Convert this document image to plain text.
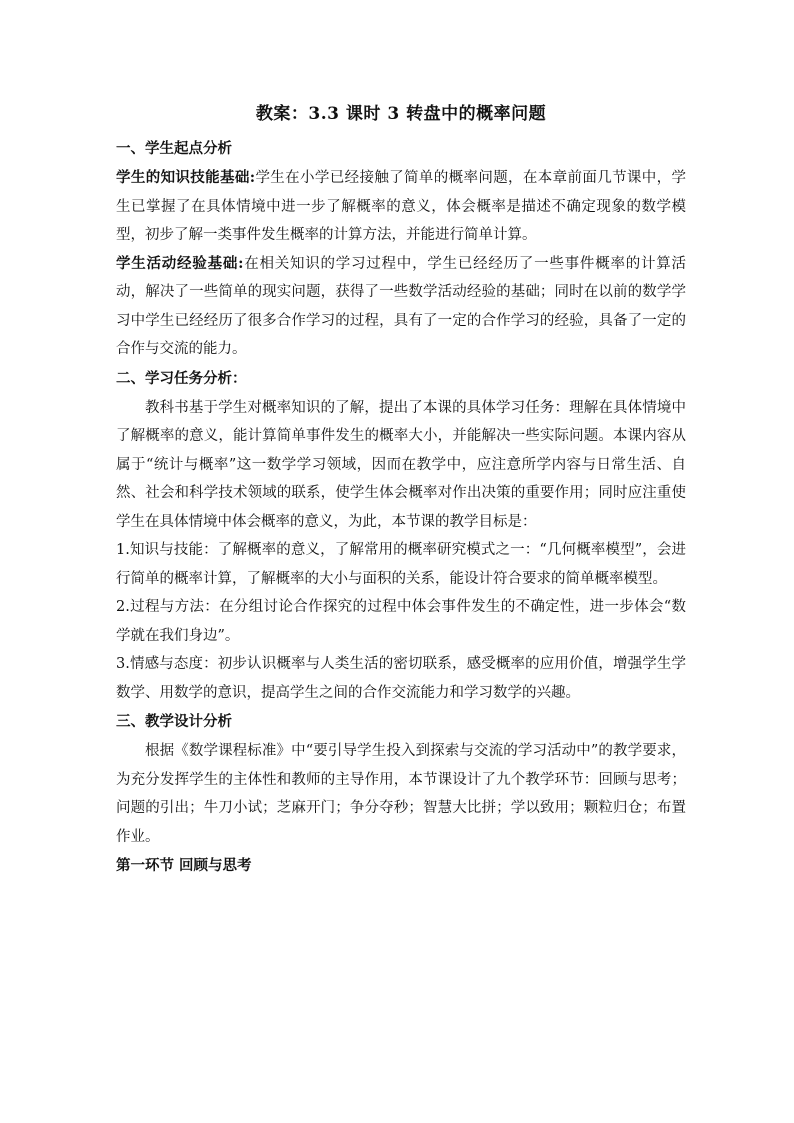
教案：3.3 课时 3 转盘中的概率问题

一、学生起点分析

学生的知识技能基础:学生在小学已经接触了简单的概率问题，在本章前面几节课中，学生已掌握了在具体情境中进一步了解概率的意义，体会概率是描述不确定现象的数学模型，初步了解一类事件发生概率的计算方法，并能进行简单计算。

学生活动经验基础:在相关知识的学习过程中，学生已经经历了一些事件概率的计算活动，解决了一些简单的现实问题，获得了一些数学活动经验的基础；同时在以前的数学学习中学生已经经历了很多合作学习的过程，具有了一定的合作学习的经验，具备了一定的合作与交流的能力。

二、学习任务分析：

教科书基于学生对概率知识的了解，提出了本课的具体学习任务：理解在具体情境中了解概率的意义，能计算简单事件发生的概率大小，并能解决一些实际问题。本课内容从属于“统计与概率”这一数学学习领域，因而在教学中，应注意所学内容与日常生活、自然、社会和科学技术领域的联系，使学生体会概率对作出决策的重要作用；同时应注重使学生在具体情境中体会概率的意义，为此，本节课的教学目标是：

1.知识与技能：了解概率的意义，了解常用的概率研究模式之一：“几何概率模型”，会进行简单的概率计算，了解概率的大小与面积的关系，能设计符合要求的简单概率模型。

2.过程与方法：在分组讨论合作探究的过程中体会事件发生的不确定性，进一步体会“数学就在我们身边”。

3.情感与态度：初步认识概率与人类生活的密切联系，感受概率的应用价值，增强学生学数学、用数学的意识，提高学生之间的合作交流能力和学习数学的兴趣。

三、教学设计分析

根据《数学课程标准》中“要引导学生投入到探索与交流的学习活动中”的教学要求，为充分发挥学生的主体性和教师的主导作用，本节课设计了九个教学环节：回顾与思考；问题的引出；牛刀小试；芝麻开门；争分夺秒；智慧大比拼；学以致用；颗粒归仓；布置作业。

第一环节 回顾与思考
